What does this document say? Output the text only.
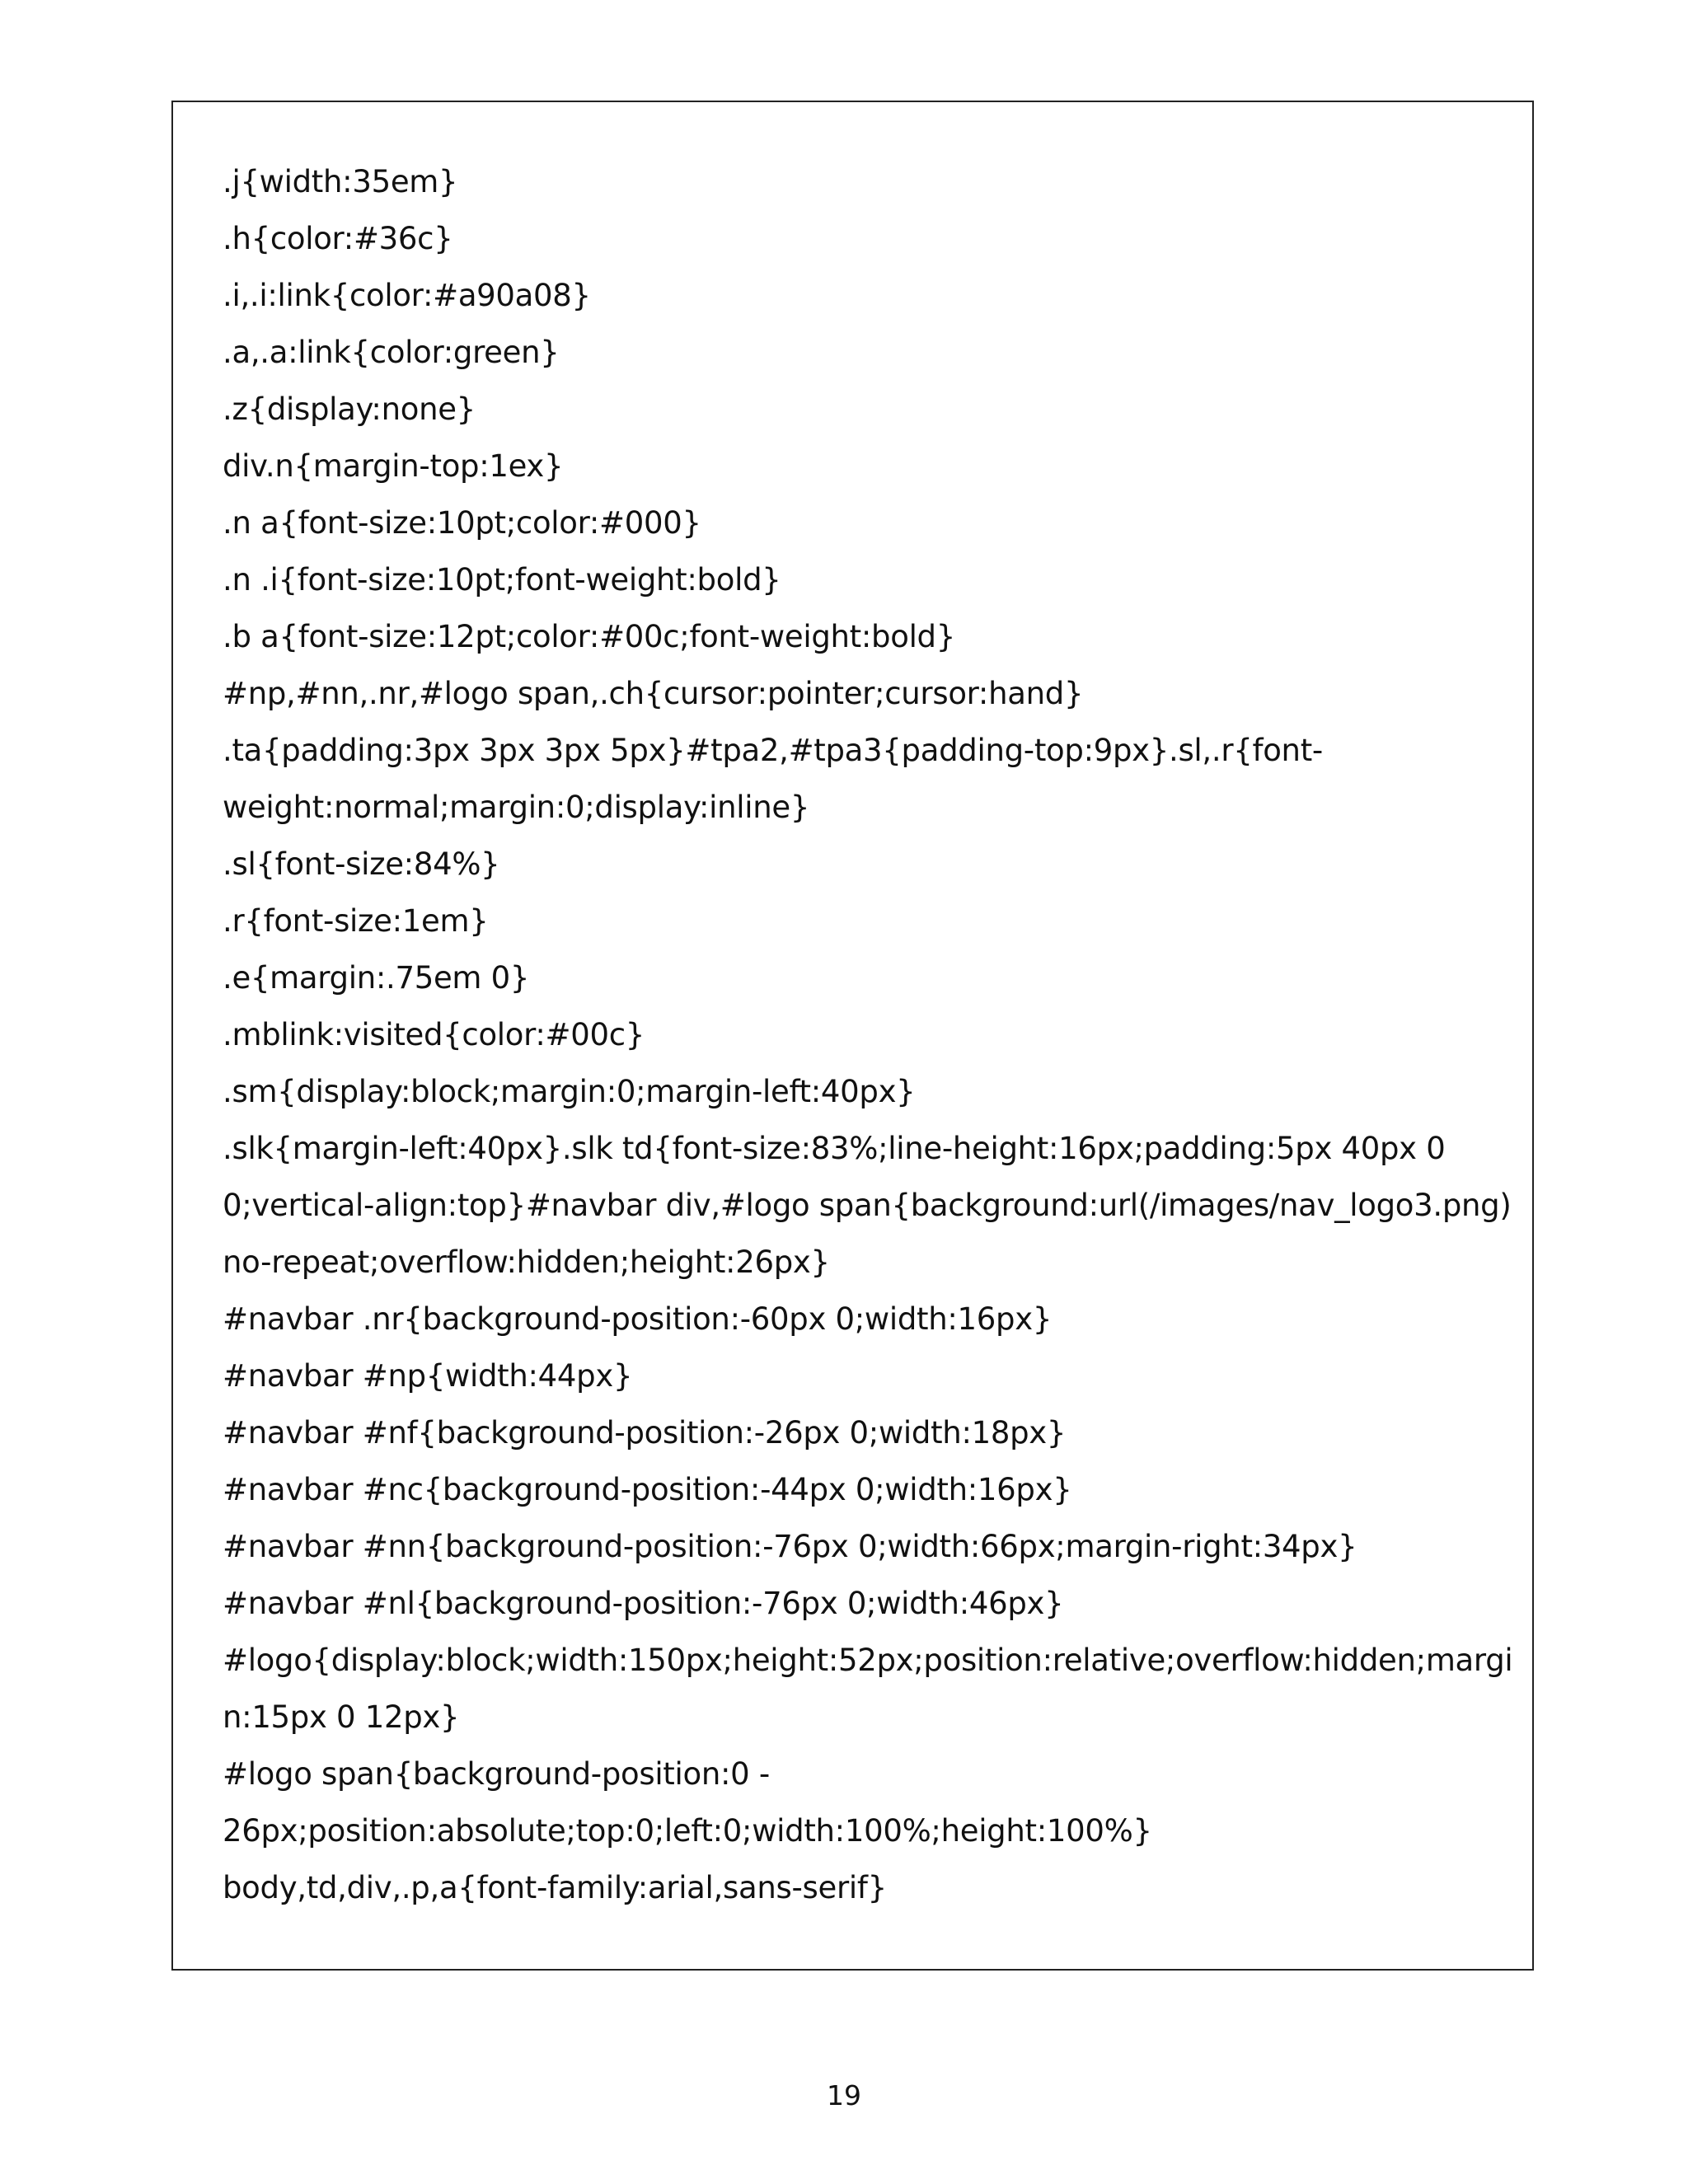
.j{width:35em}
.h{color:#36c}
.i,.i:link{color:#a90a08}
.a,.a:link{color:green}
.z{display:none}
div.n{margin-top:1ex}
.n a{font-size:10pt;color:#000}
.n .i{font-size:10pt;font-weight:bold}
.b a{font-size:12pt;color:#00c;font-weight:bold}
#np,#nn,.nr,#logo span,.ch{cursor:pointer;cursor:hand}
.ta{padding:3px 3px 3px 5px}#tpa2,#tpa3{padding-top:9px}.sl,.r{font-
weight:normal;margin:0;display:inline}
.sl{font-size:84%}
.r{font-size:1em}
.e{margin:.75em 0}
.mblink:visited{color:#00c}
.sm{display:block;margin:0;margin-left:40px}
.slk{margin-left:40px}.slk td{font-size:83%;line-height:16px;padding:5px 40px 0
0;vertical-align:top}#navbar div,#logo span{background:url(/images/nav_logo3.png)
no-repeat;overflow:hidden;height:26px}
#navbar .nr{background-position:-60px 0;width:16px}
#navbar #np{width:44px}
#navbar #nf{background-position:-26px 0;width:18px}
#navbar #nc{background-position:-44px 0;width:16px}
#navbar #nn{background-position:-76px 0;width:66px;margin-right:34px}
#navbar #nl{background-position:-76px 0;width:46px}
#logo{display:block;width:150px;height:52px;position:relative;overflow:hidden;margi
n:15px 0 12px}
#logo span{background-position:0 -
26px;position:absolute;top:0;left:0;width:100%;height:100%}
body,td,div,.p,a{font-family:arial,sans-serif}
19
